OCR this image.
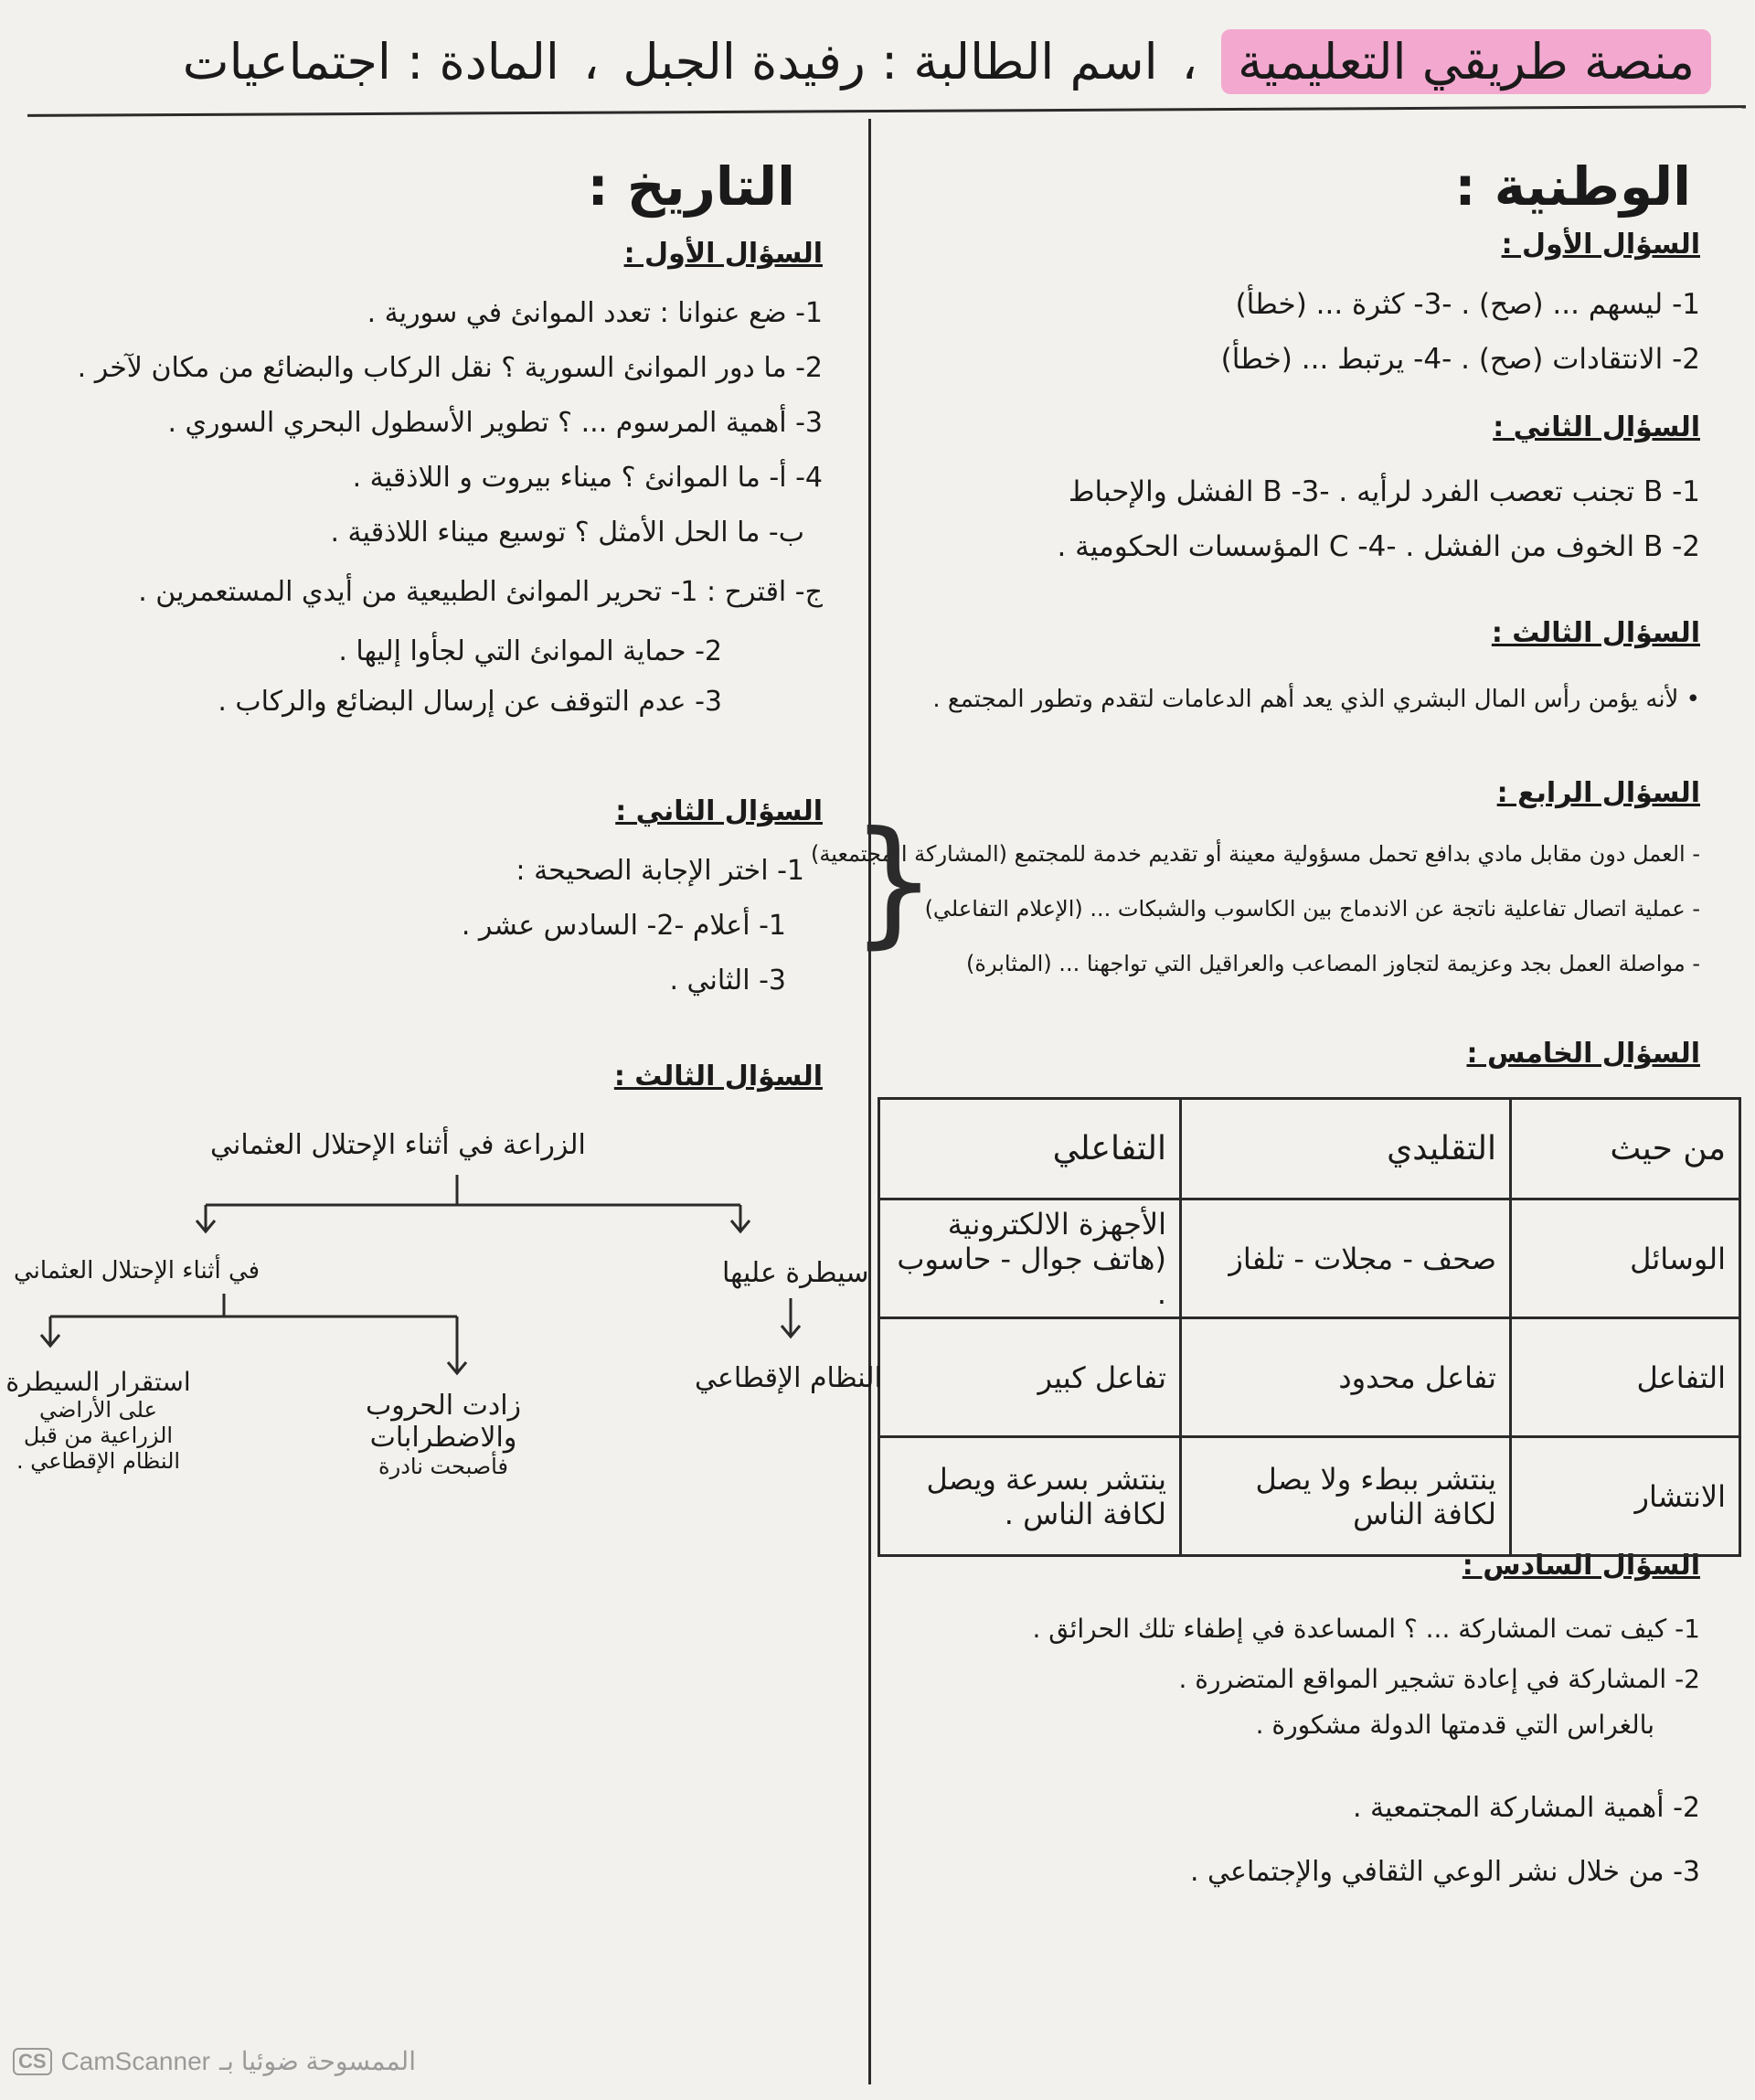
منصة طريقي التعليمية
،
اسم الطالبة : رفيدة الجبل
،
المادة : اجتماعيات
الوطنية :
السؤال الأول :
1- ليسهم ... (صح) . -3- كثرة ... (خطأ)
2- الانتقادات (صح) . -4- يرتبط ... (خطأ)
السؤال الثاني :
1- B تجنب تعصب الفرد لرأيه . -3- B الفشل والإحباط
2- B الخوف من الفشل . -4- C المؤسسات الحكومية .
السؤال الثالث :
• لأنه يؤمن رأس المال البشري الذي يعد أهم الدعامات لتقدم وتطور المجتمع .
السؤال الرابع :
- العمل دون مقابل مادي بدافع تحمل مسؤولية معينة أو تقديم خدمة للمجتمع (المشاركة المجتمعية)
- عملية اتصال تفاعلية ناتجة عن الاندماج بين الكاسوب والشبكات ... (الإعلام التفاعلي)
- مواصلة العمل بجد وعزيمة لتجاوز المصاعب والعراقيل التي تواجهنا ... (المثابرة)
السؤال الخامس :
السؤال السادس :
1- كيف تمت المشاركة ... ؟ المساعدة في إطفاء تلك الحرائق .
2- المشاركة في إعادة تشجير المواقع المتضررة .
بالغراس التي قدمتها الدولة مشكورة .
2- أهمية المشاركة المجتمعية .
3- من خلال نشر الوعي الثقافي والإجتماعي .
من حيث	التقليدي	التفاعلي
الوسائل	صحف - مجلات - تلفاز	الأجهزة الالكترونية (هاتف جوال - حاسوب .
التفاعل	تفاعل محدود	تفاعل كبير
الانتشار	ينتشر ببطء ولا يصل لكافة الناس	ينتشر بسرعة ويصل لكافة الناس .
}
التاريخ :
السؤال الأول :
1- ضع عنوانا : تعدد الموانئ في سورية .
2- ما دور الموانئ السورية ؟ نقل الركاب والبضائع من مكان لآخر .
3- أهمية المرسوم ... ؟ تطوير الأسطول البحري السوري .
4- أ- ما الموانئ ؟ ميناء بيروت و اللاذقية .
ب- ما الحل الأمثل ؟ توسيع ميناء اللاذقية .
ج- اقترح : 1- تحرير الموانئ الطبيعية من أيدي المستعمرين .
2- حماية الموانئ التي لجأوا إليها .
3- عدم التوقف عن إرسال البضائع والركاب .
السؤال الثاني :
1- اختر الإجابة الصحيحة :
1- أعلام -2- السادس عشر .
3- الثاني .
السؤال الثالث :
الزراعة في أثناء الإحتلال العثماني
سيطرة عليها
النظام الإقطاعي
في أثناء الإحتلال العثماني
زادت الحروب والاضطرابات
فأصبحت نادرة
استقرار السيطرة
على الأراضي الزراعية من قبل النظام الإقطاعي .
CS CamScanner الممسوحة ضوئيا بـ
